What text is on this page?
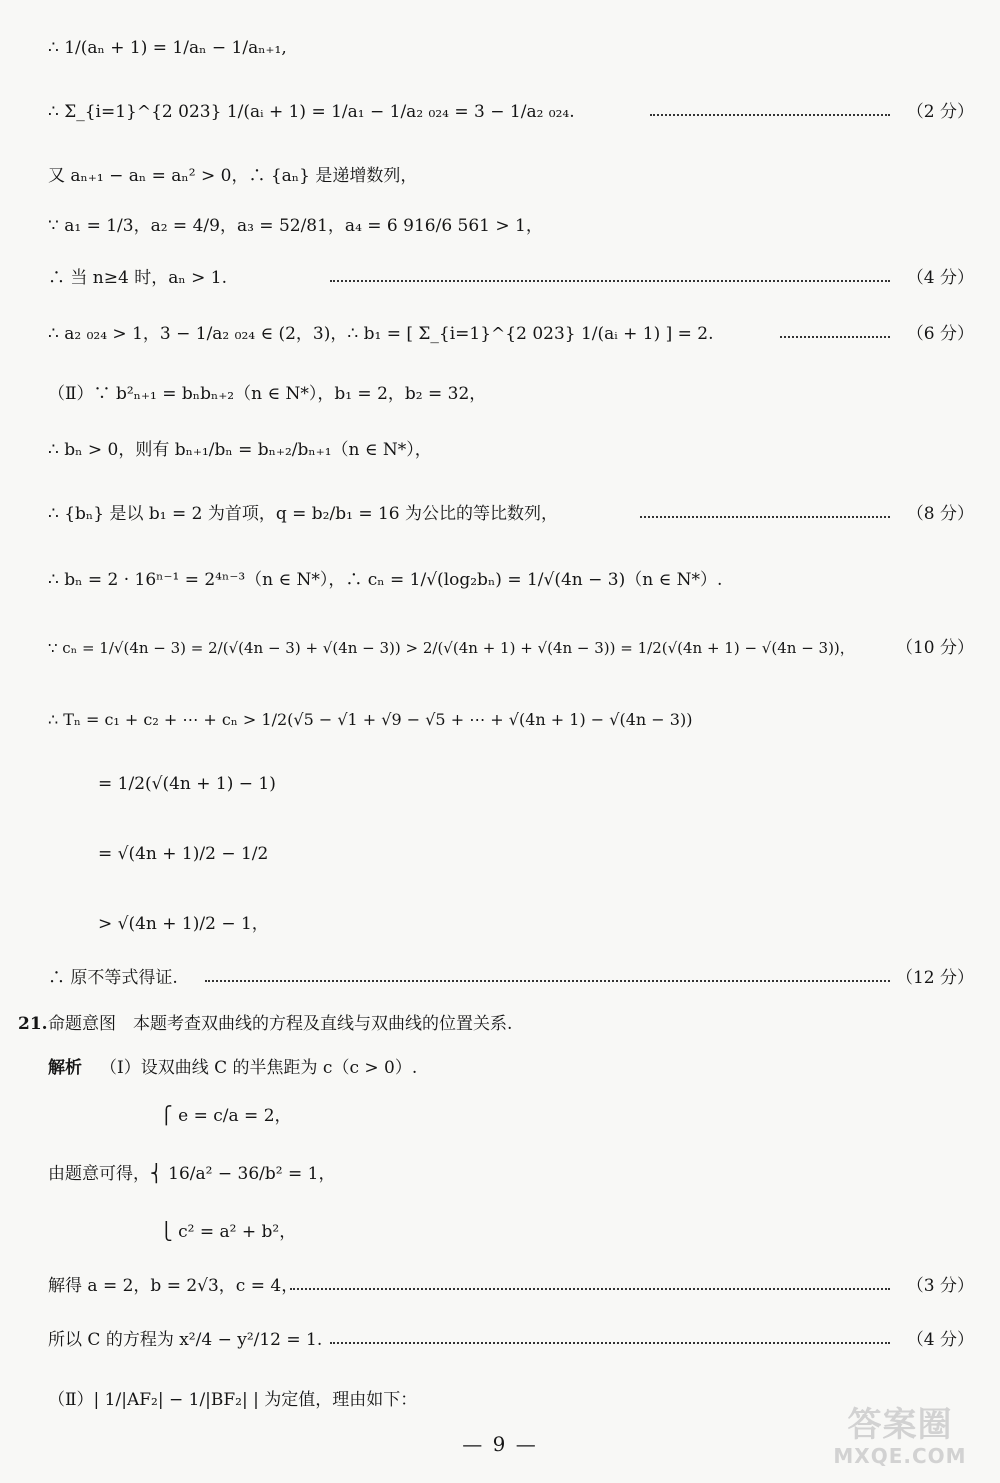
∴ 1/(aₙ + 1) = 1/aₙ − 1/aₙ₊₁,
∴ Σ_{i=1}^{2 023} 1/(aᵢ + 1) = 1/a₁ − 1/a₂ ₀₂₄ = 3 − 1/a₂ ₀₂₄.	（2 分）
又 aₙ₊₁ − aₙ = aₙ² > 0，∴ {aₙ} 是递增数列，
∵ a₁ = 1/3，a₂ = 4/9，a₃ = 52/81，a₄ = 6 916/6 561 > 1，
∴ 当 n≥4 时，aₙ > 1.	（4 分）
∴ a₂ ₀₂₄ > 1，3 − 1/a₂ ₀₂₄ ∈ (2，3)，∴ b₁ = [ Σ_{i=1}^{2 023} 1/(aᵢ + 1) ] = 2.	（6 分）
（Ⅱ）∵ b²ₙ₊₁ = bₙbₙ₊₂（n ∈ N*），b₁ = 2，b₂ = 32，
∴ bₙ > 0，则有 bₙ₊₁/bₙ = bₙ₊₂/bₙ₊₁（n ∈ N*），
∴ {bₙ} 是以 b₁ = 2 为首项，q = b₂/b₁ = 16 为公比的等比数列，	（8 分）
∴ bₙ = 2 · 16ⁿ⁻¹ = 2⁴ⁿ⁻³（n ∈ N*），∴ cₙ = 1/√(log₂bₙ) = 1/√(4n − 3)（n ∈ N*）.
∵ cₙ = 1/√(4n − 3) = 2/(√(4n − 3) + √(4n − 3)) > 2/(√(4n + 1) + √(4n − 3)) = 1/2(√(4n + 1) − √(4n − 3))， （10 分）
∴ Tₙ = c₁ + c₂ + ⋯ + cₙ > 1/2(√5 − √1 + √9 − √5 + ⋯ + √(4n + 1) − √(4n − 3))
= 1/2(√(4n + 1) − 1)
= √(4n + 1)/2 − 1/2
> √(4n + 1)/2 − 1，
∴ 原不等式得证.	（12 分）
21. 命题意图　本题考查双曲线的方程及直线与双曲线的位置关系.
解析 （Ⅰ）设双曲线 C 的半焦距为 c（c > 0）.
⎧ e = c/a = 2，
由题意可得，⎨ 16/a² − 36/b² = 1，
⎩ c² = a² + b²，
解得 a = 2，b = 2√3，c = 4，	（3 分）
所以 C 的方程为 x²/4 − y²/12 = 1.	（4 分）
（Ⅱ）| 1/|AF₂| − 1/|BF₂| | 为定值，理由如下：
— 9 —	答案圈
MXQE.COM
